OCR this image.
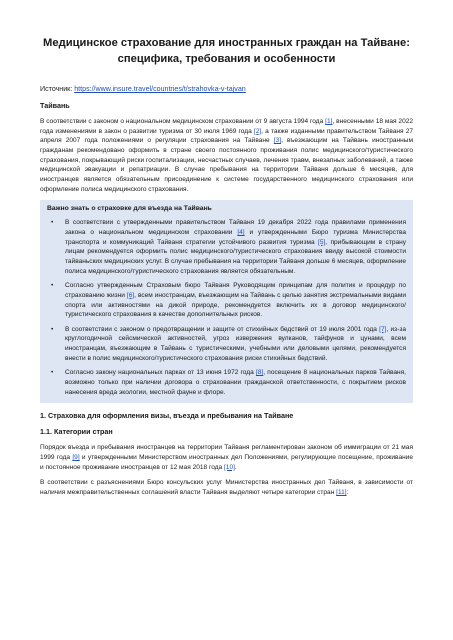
Медицинское страхование для иностранных граждан на Тайване: специфика, требования и особенности

Источник: https://www.insure.travel/countries/t/strahovka-v-tajvan

Тайвань

В соответствии с законом о национальном медицинском страховании от 9 августа 1994 года [1], внесенными 18 мая 2022 года изменениями в закон о развитии туризма от 30 июля 1969 года [2], а также изданными правительством Тайваня 27 апреля 2007 года положениями о регуляции страхования на Тайване [3], въезжающим на Тайвань иностранным гражданам рекомендовано оформить в стране своего постоянного проживания полис медицинского/туристического страхования, покрывающий риски госпитализации, несчастных случаев, лечения травм, внезапных заболеваний, а также медицинской эвакуации и репатриации. В случае пребывания на территории Тайваня дольше 6 месяцев, для иностранцев является обязательным присоединение к системе государственного медицинского страхования или оформление полиса медицинского страхования.

Важно знать о страховке для въезда на Тайвань
• В соответствии с утвержденными правительством Тайваня 19 декабря 2022 года правилами применения закона о национальном медицинском страховании [4] и утвержденными Бюро туризма Министерства транспорта и коммуникаций Тайваня стратегии устойчивого развития туризма [5], прибывающим в страну лицам рекомендуется оформить полис медицинского/туристического страхования ввиду высокой стоимости тайваньских медицинских услуг. В случае пребывания на территории Тайваня дольше 6 месяцев, оформление полиса медицинского/туристического страхования является обязательным.
• Согласно утвержденным Страховым бюро Тайваня Руководящим принципам для политик и процедур по страхованию жизни [6], всем иностранцам, въезжающим на Тайвань с целью занятия экстремальными видами спорта или активностями на дикой природе, рекомендуется включить их в договор медицинского/туристического страхования в качестве дополнительных рисков.
• В соответствии с законом о предотвращении и защите от стихийных бедствий от 19 июля 2001 года [7], из-за круглогодичной сейсмической активностей, угроз извержения вулканов, тайфунов и цунами, всем иностранцам, въезжающим в Тайвань с туристическими, учебными или деловыми целями, рекомендуется внести в полис медицинского/туристического страхования риски стихийных бедствий.
• Согласно закону национальных парках от 13 июня 1972 года [8], посещение 8 национальных парков Тайваня, возможно только при наличии договора о страховании гражданской ответственности, с покрытием рисков нанесения вреда экологии, местной фауне и флоре.
1. Страховка для оформления визы, въезда и пребывания на Тайване
1.1. Категории стран

Порядок въезда и пребывания иностранцев на территории Тайваня регламентирован законом об иммиграции от 21 мая 1999 года [9] и утвержденными Министерством иностранных дел Положениями, регулирующие посещение, проживание и постоянное проживание иностранцев от 12 мая 2018 года [10].

В соответствии с разъяснениями Бюро консульских услуг Министерства иностранных дел Тайваня, в зависимости от наличия межправительственных соглашений власти Тайваня выделяют четыре категории стран [11]:
